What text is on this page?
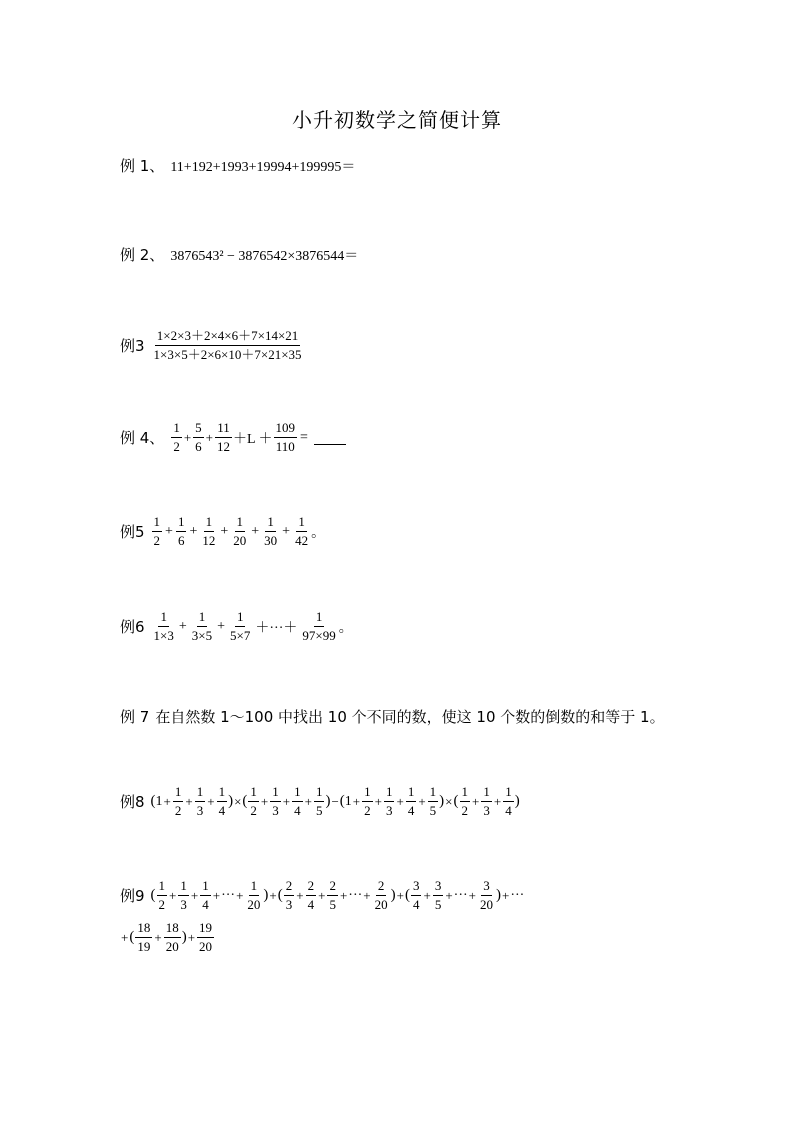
小升初数学之简便计算
例 1、 11+192+1993+19994+199995＝
例 2、 3876543² − 3876542×3876544＝
例$3 \frac{1\times 2\times 3+2\times 4\times 6+7\times 14\times 21}{1\times 3\times 5+2\times 6\times 10+7\times 21\times 35}$
例 4、 $\frac{1}{2} + \frac{5}{6} + \frac{11}{12} +L + \frac{109}{110}$ =
例$5 \frac{1}{2} + \frac{1}{6} + \frac{1}{12} + \frac{1}{20} + \frac{1}{30} + \frac{1}{42}$ 。
例$6 \frac{1}{1\times 3} + \frac{1}{3\times 5} + \frac{1}{5\times 7}$ ＋···＋ $\frac{1}{97\times 99}$ 。
例 7 在自然数 1～100 中找出 10 个不同的数，使这 10 个数的倒数的和等于 1。
例8 ( $1 + \frac{1}{2} + \frac{1}{3} + \frac{1}{4}$ ) × ( $\frac{1}{2} + \frac{1}{3} + \frac{1}{4} + \frac{1}{5}$ ) − ( $1 + \frac{1}{2} + \frac{1}{3} + \frac{1}{4} + \frac{1}{5}$ ) × ( $\frac{1}{2} + \frac{1}{3} + \frac{1}{4}$ )
例9 ( $\frac{1}{2} + \frac{1}{3} + \frac{1}{4}$ + ··· + $\frac{1}{20}$ ) + ( $\frac{2}{3} + \frac{2}{4} + \frac{2}{5}$ + ··· + $\frac{2}{20}$ ) + ( $\frac{3}{4} + \frac{3}{5}$ + ··· + $\frac{3}{20}$ ) + ···
+ ( $\frac{18}{19} + \frac{18}{20}$ ) + $\frac{19}{20}$
